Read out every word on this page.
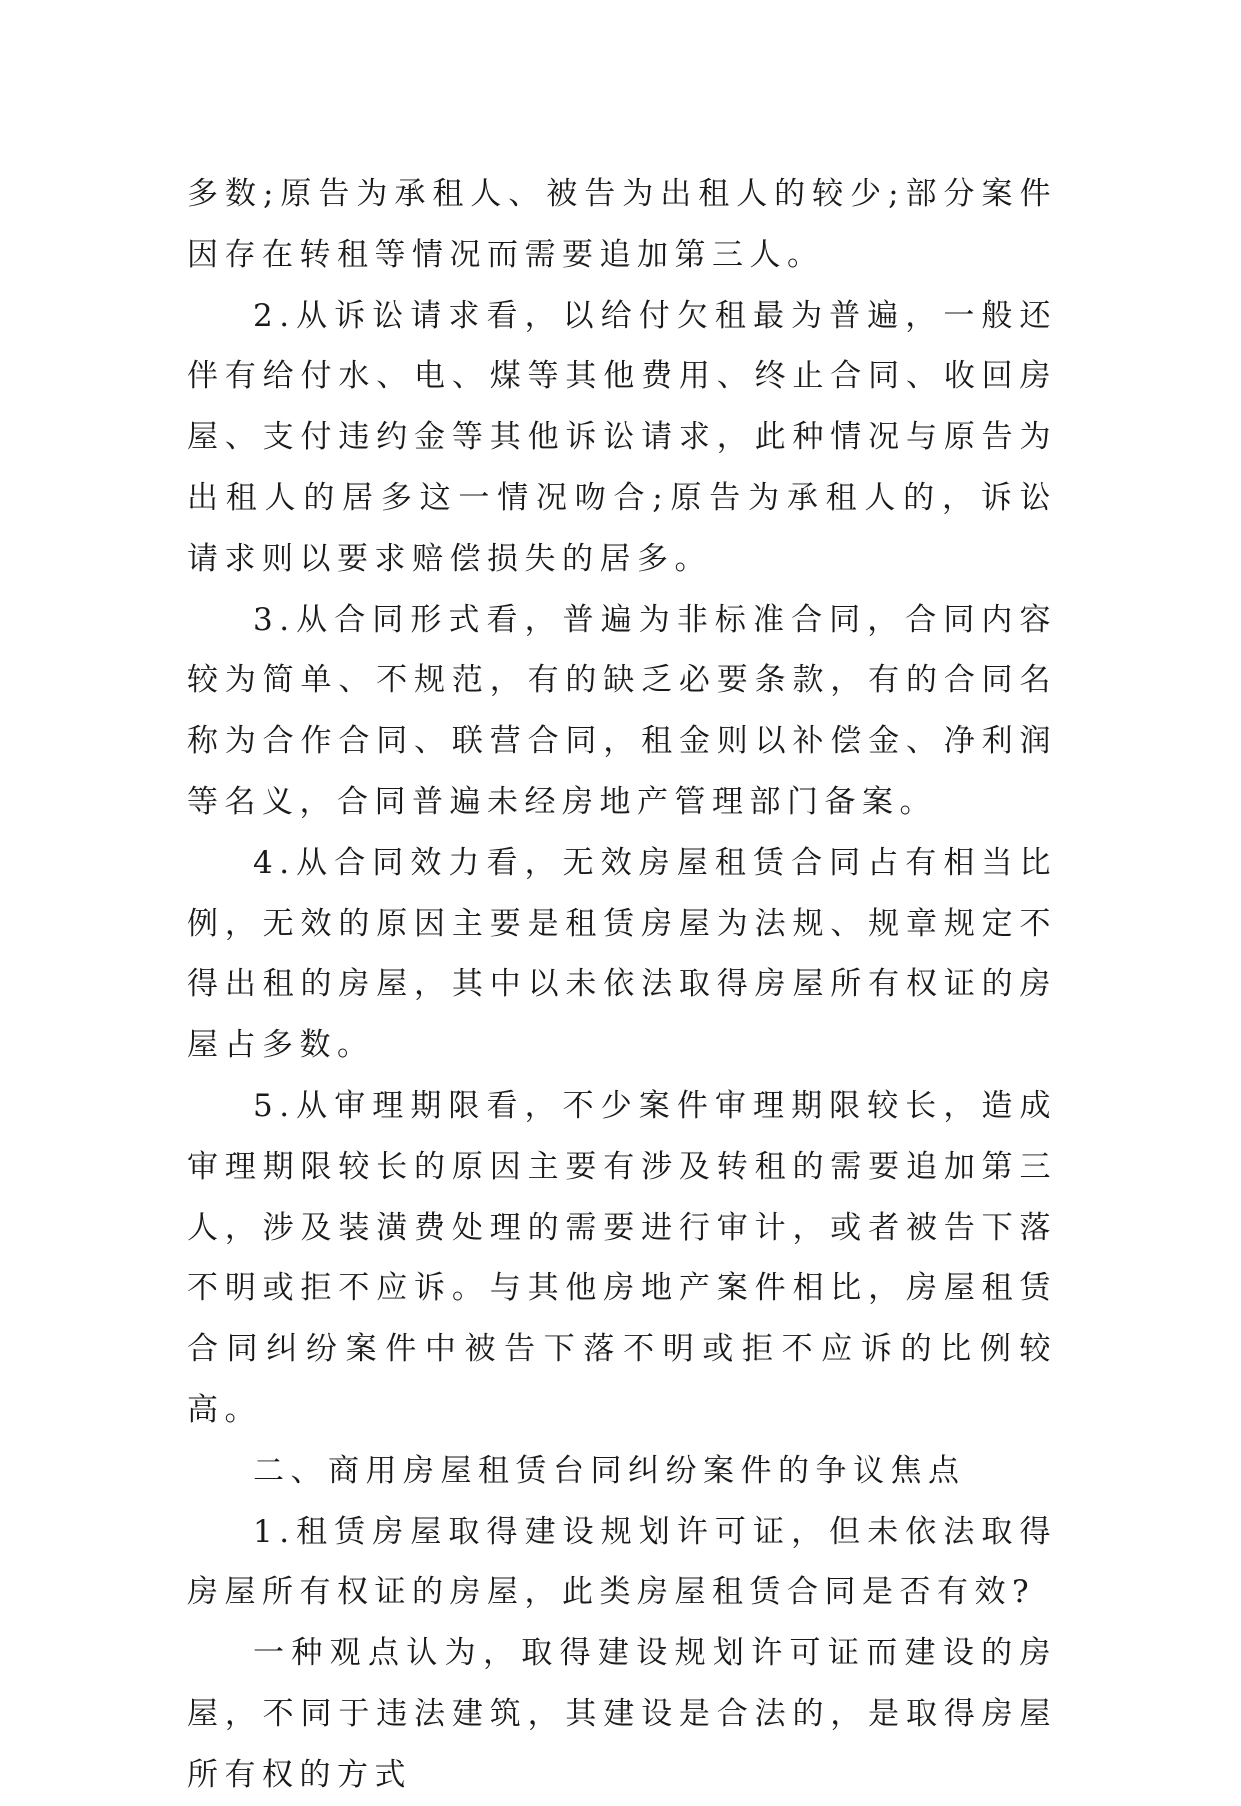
多数;原告为承租人、被告为出租人的较少;部分案件因存在转租等情况而需要追加第三人。

2.从诉讼请求看，以给付欠租最为普遍，一般还伴有给付水、电、煤等其他费用、终止合同、收回房屋、支付违约金等其他诉讼请求，此种情况与原告为出租人的居多这一情况吻合;原告为承租人的，诉讼请求则以要求赔偿损失的居多。

3.从合同形式看，普遍为非标准合同，合同内容较为简单、不规范，有的缺乏必要条款，有的合同名称为合作合同、联营合同，租金则以补偿金、净利润等名义，合同普遍未经房地产管理部门备案。

4.从合同效力看，无效房屋租赁合同占有相当比例，无效的原因主要是租赁房屋为法规、规章规定不得出租的房屋，其中以未依法取得房屋所有权证的房屋占多数。

5.从审理期限看，不少案件审理期限较长，造成审理期限较长的原因主要有涉及转租的需要追加第三人，涉及装潢费处理的需要进行审计，或者被告下落不明或拒不应诉。与其他房地产案件相比，房屋租赁合同纠纷案件中被告下落不明或拒不应诉的比例较高。

二、商用房屋租赁台同纠纷案件的争议焦点

1.租赁房屋取得建设规划许可证，但未依法取得房屋所有权证的房屋，此类房屋租赁合同是否有效?

一种观点认为，取得建设规划许可证而建设的房屋，不同于违法建筑，其建设是合法的，是取得房屋所有权的方式
